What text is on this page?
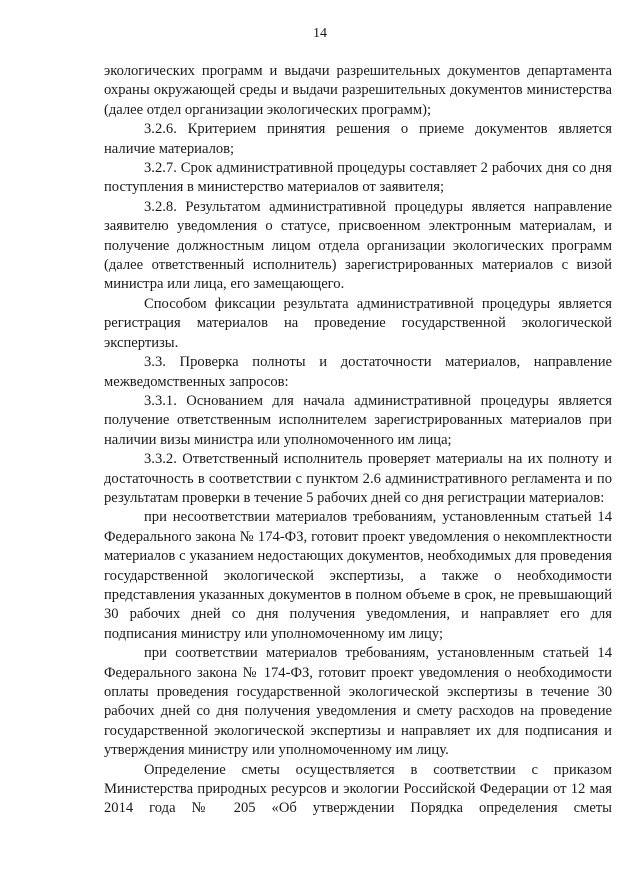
14

экологических программ и выдачи разрешительных документов департамента охраны окружающей среды и выдачи разрешительных документов министерства (далее отдел организации экологических программ);

3.2.6. Критерием принятия решения о приеме документов является наличие материалов;

3.2.7. Срок административной процедуры составляет 2 рабочих дня со дня поступления в министерство материалов от заявителя;

3.2.8. Результатом административной процедуры является направление заявителю уведомления о статусе, присвоенном электронным материалам, и получение должностным лицом отдела организации экологических программ (далее ответственный исполнитель) зарегистрированных материалов с визой министра или лица, его замещающего.

Способом фиксации результата административной процедуры является регистрация материалов на проведение государственной экологической экспертизы.

3.3. Проверка полноты и достаточности материалов, направление межведомственных запросов:

3.3.1. Основанием для начала административной процедуры является получение ответственным исполнителем зарегистрированных материалов при наличии визы министра или уполномоченного им лица;

3.3.2. Ответственный исполнитель проверяет материалы на их полноту и достаточность в соответствии с пунктом 2.6 административного регламента и по результатам проверки в течение 5 рабочих дней со дня регистрации материалов:

при несоответствии материалов требованиям, установленным статьей 14 Федерального закона № 174-ФЗ, готовит проект уведомления о некомплектности материалов с указанием недостающих документов, необходимых для проведения государственной экологической экспертизы, а также о необходимости представления указанных документов в полном объеме в срок, не превышающий 30 рабочих дней со дня получения уведомления, и направляет его для подписания министру или уполномоченному им лицу;

при соответствии материалов требованиям, установленным статьей 14 Федерального закона № 174-ФЗ, готовит проект уведомления о необходимости оплаты проведения государственной экологической экспертизы в течение 30 рабочих дней со дня получения уведомления и смету расходов на проведение государственной экологической экспертизы и направляет их для подписания и утверждения министру или уполномоченному им лицу.

Определение сметы осуществляется в соответствии с приказом Министерства природных ресурсов и экологии Российской Федерации от 12 мая 2014 года № 205 «Об утверждении Порядка определения сметы
